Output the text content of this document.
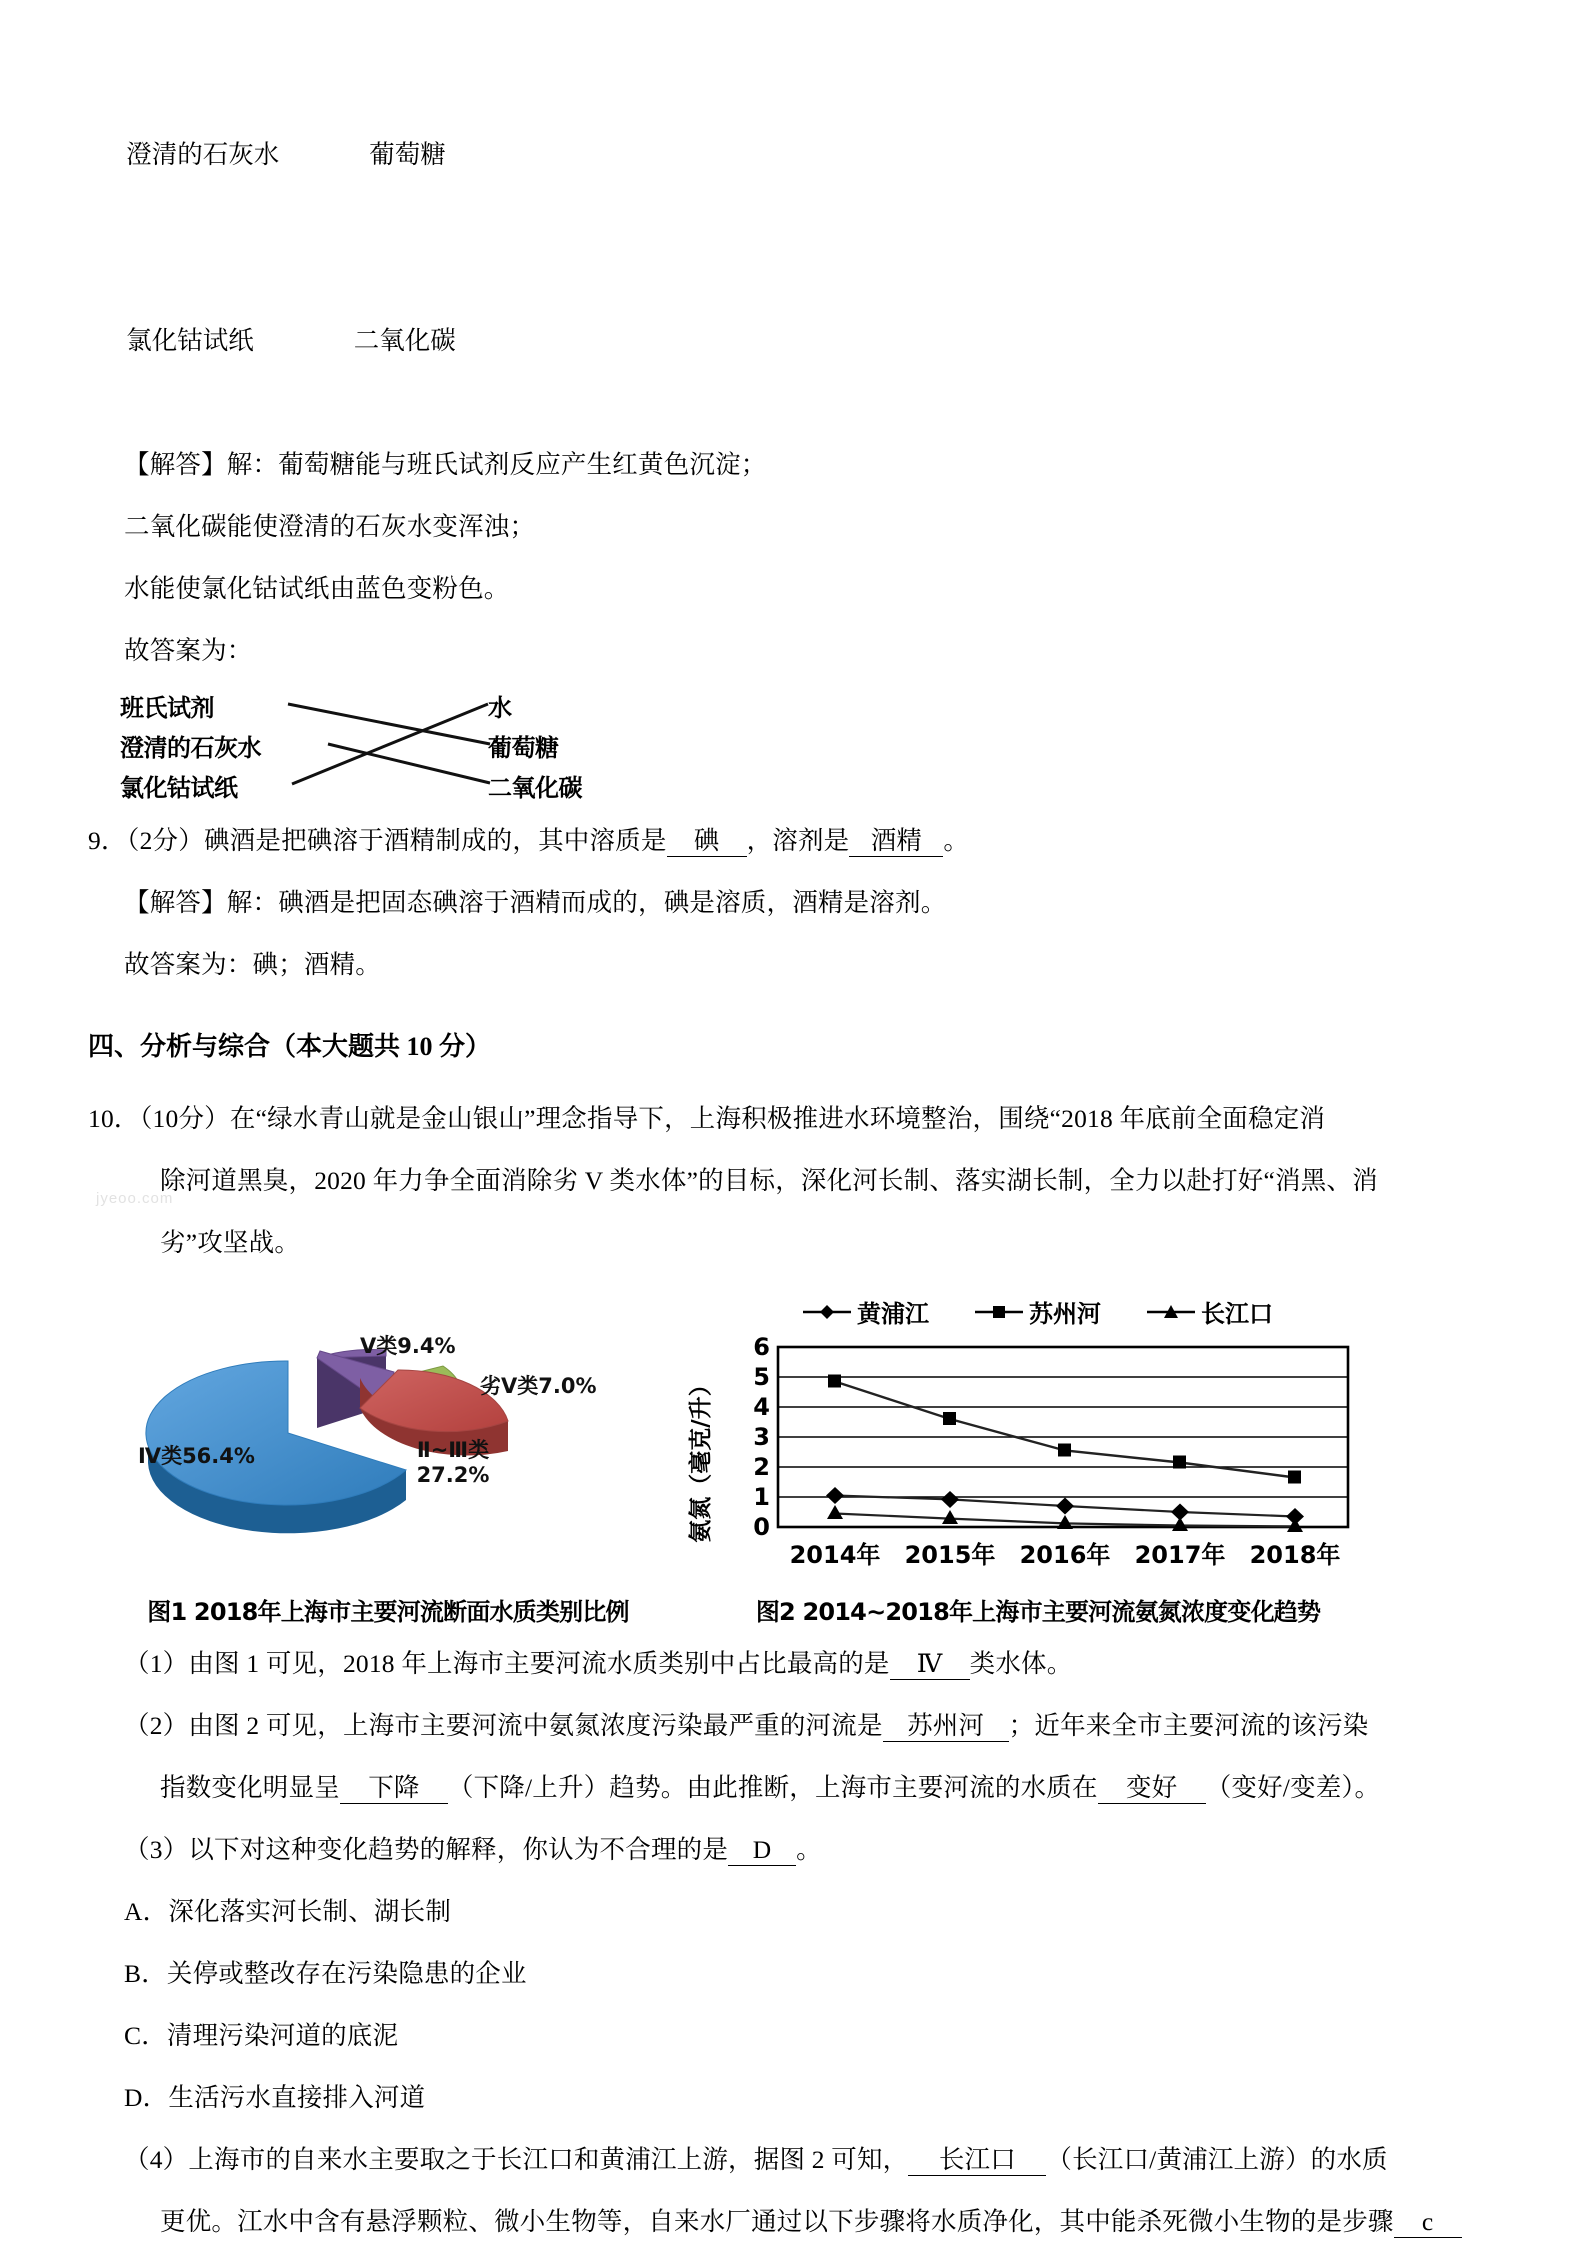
澄清的石灰水	葡萄糖

氯化钴试纸	二氧化碳

【解答】解：葡萄糖能与班氏试剂反应产生红黄色沉淀；
二氧化碳能使澄清的石灰水变浑浊；
水能使氯化钴试纸由蓝色变粉色。
故答案为：
班氏试剂
澄清的石灰水
氯化钴试纸
水
葡萄糖
二氧化碳
9．（2分）碘酒是把碘溶于酒精制成的，其中溶质是 碘 ，溶剂是 酒精 。
【解答】解：碘酒是把固态碘溶于酒精而成的，碘是溶质，酒精是溶剂。
故答案为：碘；酒精。
四、分析与综合（本大题共 10 分）
10．（10分）在“绿水青山就是金山银山”理念指导下，上海积极推进水环境整治，围绕“2018 年底前全面稳定消
除河道黑臭，2020 年力争全面消除劣 V 类水体”的目标，深化河长制、落实湖长制，全力以赴打好“消黑、消
劣”攻坚战。
Ⅴ类9.4%
劣Ⅴ类7.0%
Ⅳ类56.4%	Ⅱ~Ⅲ类
27.2%
图1 2018年上海市主要河流断面水质类别比例
黄浦江	苏州河	长江口
氨氮（毫克/升）
6
5
4
3
2
1
0
2014年 2015年 2016年 2017年 2018年
图2 2014~2018年上海市主要河流氨氮浓度变化趋势
（1）由图 1 可见，2018 年上海市主要河流水质类别中占比最高的是 Ⅳ 类水体。
（2）由图 2 可见，上海市主要河流中氨氮浓度污染最严重的河流是 苏州河 ；近年来全市主要河流的该污染
指数变化明显呈 下降 （下降/上升）趋势。由此推断，上海市主要河流的水质在 变好 （变好/变差）。
（3）以下对这种变化趋势的解释，你认为不合理的是 D 。
A．深化落实河长制、湖长制
B．关停或整改存在污染隐患的企业
C．清理污染河道的底泥
D．生活污水直接排入河道
（4）上海市的自来水主要取之于长江口和黄浦江上游，据图 2 可知， 长江口 （长江口/黄浦江上游）的水质
更优。江水中含有悬浮颗粒、微小生物等，自来水厂通过以下步骤将水质净化，其中能杀死微小生物的是步骤 c
jyeoo.com
